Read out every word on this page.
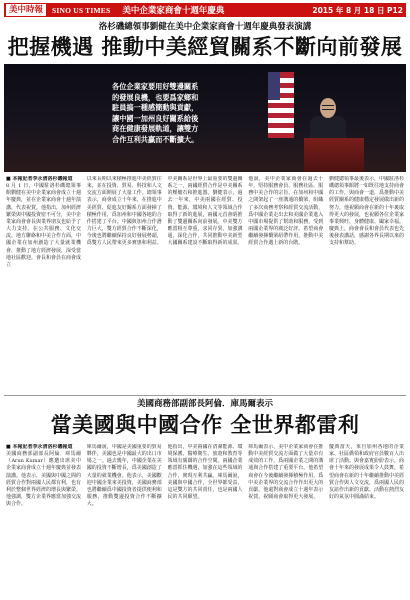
美中時報	SINO US TIMES 美中企業家商會十週年慶典	2015 年 8 月 18 日 P12
洛杉磯總領事劉健在美中企業家商會十週年慶典發表演講
把握機遇 推動中美經貿關系不斷向前發展
各位企業家要用好雙邊關系的發展良機，也要爲家鄉和駐員搞一種感簡動與貢獻，讓中國一加州良好關系給後商在健康發展軌道，讓雙方合作互利共贏而不斷擴大。
■ 本報記者李永清洛杉磯報道

8 月 1 日，中國駐洛杉磯總領事館劉健在美中企業家商會成立十週年慶典，並在企業家商會十週年演講，代表祝賀。他指出，加州經濟繁榮與中國投資密不可分，美中企業家商會會長與業界朋友也給予了大力支持。在公共服務、文化交流、地方聯絡和中美合作方面，中國企業在加州創造了大量就業機會，推動了地方經濟發展，深受當地社區歡迎。會長和會員在商會成立

以來長期以來積極推進中美經貿往來，並在投資、貿易、科技和人文交流方面開展了大量工作。總領事表示，商會成立十年來，在推進中美經貿、促進友好關系方面發揮了積極作用，爲加州和中國各地的合作搭建了平台。中國與加州合作潛力巨大，雙方經貿合作不斷深化，今後也將繼續保持良好發展勢頭，爲雙方人民帶來更多實惠和利益。

中美關系是世界上最重要的雙邊關系之一，兩國經貿合作是中美關系的壓艙石和推進器。劉健表示，過去一年來，中美兩國在經貿、投資、能源、環境和人文等領域合作取得了新的進展，兩國元首會晤推動了雙邊關系向前發展。中美雙方應當相互尊重，求同存異，加強溝通，深化合作，共同推動中美新型大國關系建設不斷取得新的成果。

他說，美中企業家商會在過去十年，堅持服務會員、服務社區、服務中美合作的宗旨，在加州和中國之間架起了一座溝通的橋梁，組織了多次商務考察和經貿交流活動，爲中國企業走出去和美國企業進入中國市場提供了幫助和服務，受到兩國企業界的廣泛好評。希望商會繼續發揮橋梁紐帶作用，推動中美經貿合作邁上新的台階。

劉健總領事最後表示，中國駐洛杉磯總領事館將一如既往地支持商會的工作，與商會一道，爲推動中美經貿關系的健康穩定發展做出新的努力。他祝願商會在新的十年裏取得更大的發展，也祝願各位企業家事業興旺、身體健康、闔家幸福。慶典上，商會會長和會員代表也先後發表講話，感謝各界長期以來的支持和幫助。

美國商務部副部長阿倫．庫馬爾表示
當美國與中國合作 全世界都雷利
■ 本報記者李永清洛杉磯報道

美國商務部副部長阿倫．庫馬爾（Arun Kumar）應邀出席美中企業家商會成立十週年慶典並發表演講。他表示，美國與中國之間的經貿合作對兩國人民都有利，也有利於整個世界經濟的增長與繁榮。他強調，雙方企業界應當加強交流與合作。

庫馬爾說，中國是美國重要的貿易夥伴，美國也是中國最大的出口市場之一。過去幾年，中國企業在美國的投資不斷增長，爲美國創造了大量的就業機會。他表示，美國歡迎中國企業來美投資，美國商務部也將繼續爲中國投資者提供便利和服務，推動雙邊投資合作不斷擴大。

他指出，中美兩國在清潔能源、環境保護、醫療衛生、旅遊和教育等領域有廣闊的合作空間。兩國企業應當抓住機遇，加強在這些領域的合作，實現互利共贏。庫馬爾說，美國與中國合作，全世界都受益，這是雙方的共同責任，也是兩國人民的共同願望。

庫馬爾表示，美中企業家商會在推動中美經貿交流方面做了大量卓有成效的工作，爲兩國企業之間的溝通與合作搭建了重要平台。他希望商會在今後繼續發揮積極作用，爲中美企業界的交流合作作出更大的貢獻。他還對商會成立十週年表示祝賀，祝願商會取得更大發展。

慶典當天，來自加州各地的企業家、社區僑領和政府官員數百人出席了活動。與會嘉賓紛紛表示，商會十年來的發展成果令人鼓舞，希望商會在新的十年繼續推動中美經貿合作與人文交流，爲兩國人民的友誼作出新的貢獻。活動在熱烈友好的氣氛中圓滿結束。
